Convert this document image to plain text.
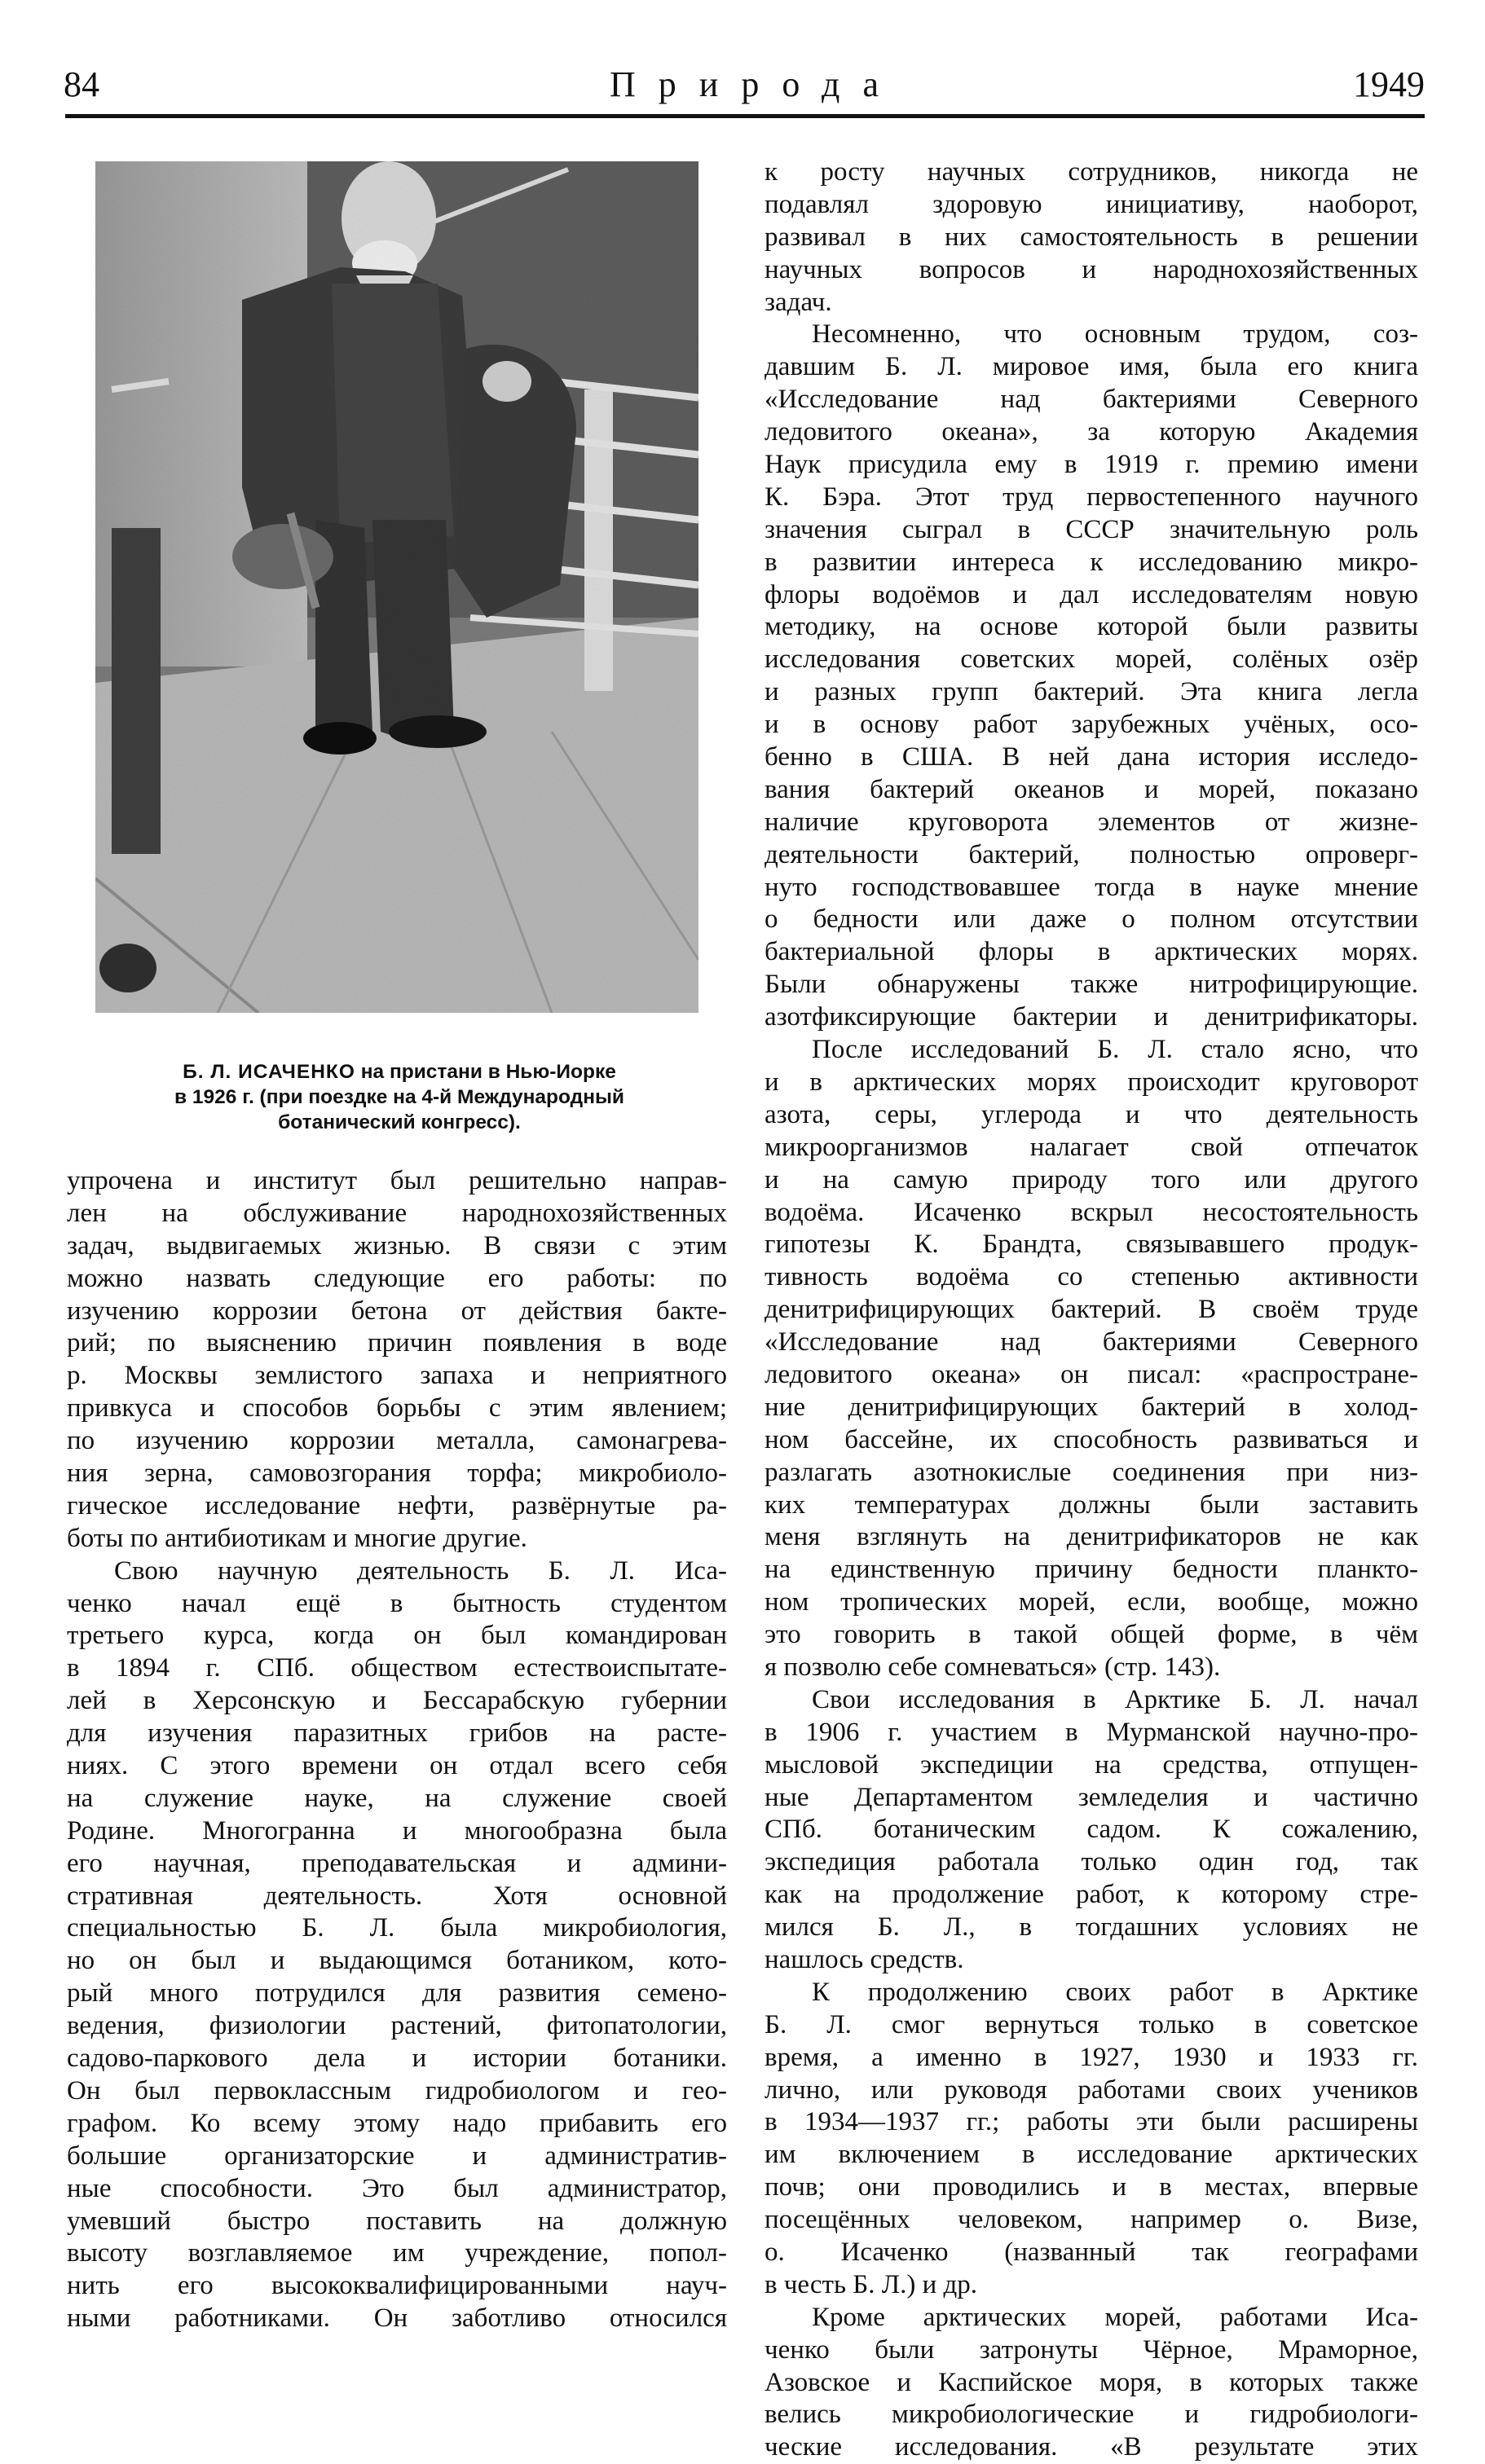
84	Природа	1949
Б. Л. ИСАЧЕНКО на пристани в Нью-Иорке
в 1926 г. (при поездке на 4-й Международный
ботанический конгресс).
упрочена и институт был решительно направ-
лен на обслуживание народнохозяйственных
задач, выдвигаемых жизнью. В связи с этим
можно назвать следующие его работы: по
изучению коррозии бетона от действия бакте-
рий; по выяснению причин появления в воде
р. Москвы землистого запаха и неприятного
привкуса и способов борьбы с этим явлением;
по изучению коррозии металла, самонагрева-
ния зерна, самовозгорания торфа; микробиоло-
гическое исследование нефти, развёрнутые ра-
боты по антибиотикам и многие другие.
Свою научную деятельность Б. Л. Иса-
ченко начал ещё в бытность студентом
третьего курса, когда он был командирован
в 1894 г. СПб. обществом естествоиспытате-
лей в Херсонскую и Бессарабскую губернии
для изучения паразитных грибов на расте-
ниях. С этого времени он отдал всего себя
на служение науке, на служение своей
Родине. Многогранна и многообразна была
его научная, преподавательская и админи-
стративная деятельность. Хотя основной
специальностью Б. Л. была микробиология,
но он был и выдающимся ботаником, кото-
рый много потрудился для развития семено-
ведения, физиологии растений, фитопатологии,
садово-паркового дела и истории ботаники.
Он был первоклассным гидробиологом и гео-
графом. Ко всему этому надо прибавить его
большие организаторские и административ-
ные способности. Это был администратор,
умевший быстро поставить на должную
высоту возглавляемое им учреждение, попол-
нить его высококвалифицированными науч-
ными работниками. Он заботливо относился
к росту научных сотрудников, никогда не
подавлял здоровую инициативу, наоборот,
развивал в них самостоятельность в решении
научных вопросов и народнохозяйственных
задач.
Несомненно, что основным трудом, соз-
давшим Б. Л. мировое имя, была его книга
«Исследование над бактериями Северного
ледовитого океана», за которую Академия
Наук присудила ему в 1919 г. премию имени
К. Бэра. Этот труд первостепенного научного
значения сыграл в СССР значительную роль
в развитии интереса к исследованию микро-
флоры водоёмов и дал исследователям новую
методику, на основе которой были развиты
исследования советских морей, солёных озёр
и разных групп бактерий. Эта книга легла
и в основу работ зарубежных учёных, осо-
бенно в США. В ней дана история исследо-
вания бактерий океанов и морей, показано
наличие круговорота элементов от жизне-
деятельности бактерий, полностью опроверг-
нуто господствовавшее тогда в науке мнение
о бедности или даже о полном отсутствии
бактериальной флоры в арктических морях.
Были обнаружены также нитрофицирующие.
азотфиксирующие бактерии и денитрификаторы.
После исследований Б. Л. стало ясно, что
и в арктических морях происходит круговорот
азота, серы, углерода и что деятельность
микроорганизмов налагает свой отпечаток
и на самую природу того или другого
водоёма. Исаченко вскрыл несостоятельность
гипотезы К. Брандта, связывавшего продук-
тивность водоёма со степенью активности
денитрифицирующих бактерий. В своём труде
«Исследование над бактериями Северного
ледовитого океана» он писал: «распростране-
ние денитрифицирующих бактерий в холод-
ном бассейне, их способность развиваться и
разлагать азотнокислые соединения при низ-
ких температурах должны были заставить
меня взглянуть на денитрификаторов не как
на единственную причину бедности планкто-
ном тропических морей, если, вообще, можно
это говорить в такой общей форме, в чём
я позволю себе сомневаться» (стр. 143).
Свои исследования в Арктике Б. Л. начал
в 1906 г. участием в Мурманской научно-про-
мысловой экспедиции на средства, отпущен-
ные Департаментом земледелия и частично
СПб. ботаническим садом. К сожалению,
экспедиция работала только один год, так
как на продолжение работ, к которому стре-
мился Б. Л., в тогдашних условиях не
нашлось средств.
К продолжению своих работ в Арктике
Б. Л. смог вернуться только в советское
время, а именно в 1927, 1930 и 1933 гг.
лично, или руководя работами своих учеников
в 1934—1937 гг.; работы эти были расширены
им включением в исследование арктических
почв; они проводились и в местах, впервые
посещённых человеком, например о. Визе,
о. Исаченко (названный так географами
в честь Б. Л.) и др.
Кроме арктических морей, работами Иса-
ченко были затронуты Чёрное, Мраморное,
Азовское и Каспийское моря, в которых также
велись микробиологические и гидробиологи-
ческие исследования. «В результате этих
